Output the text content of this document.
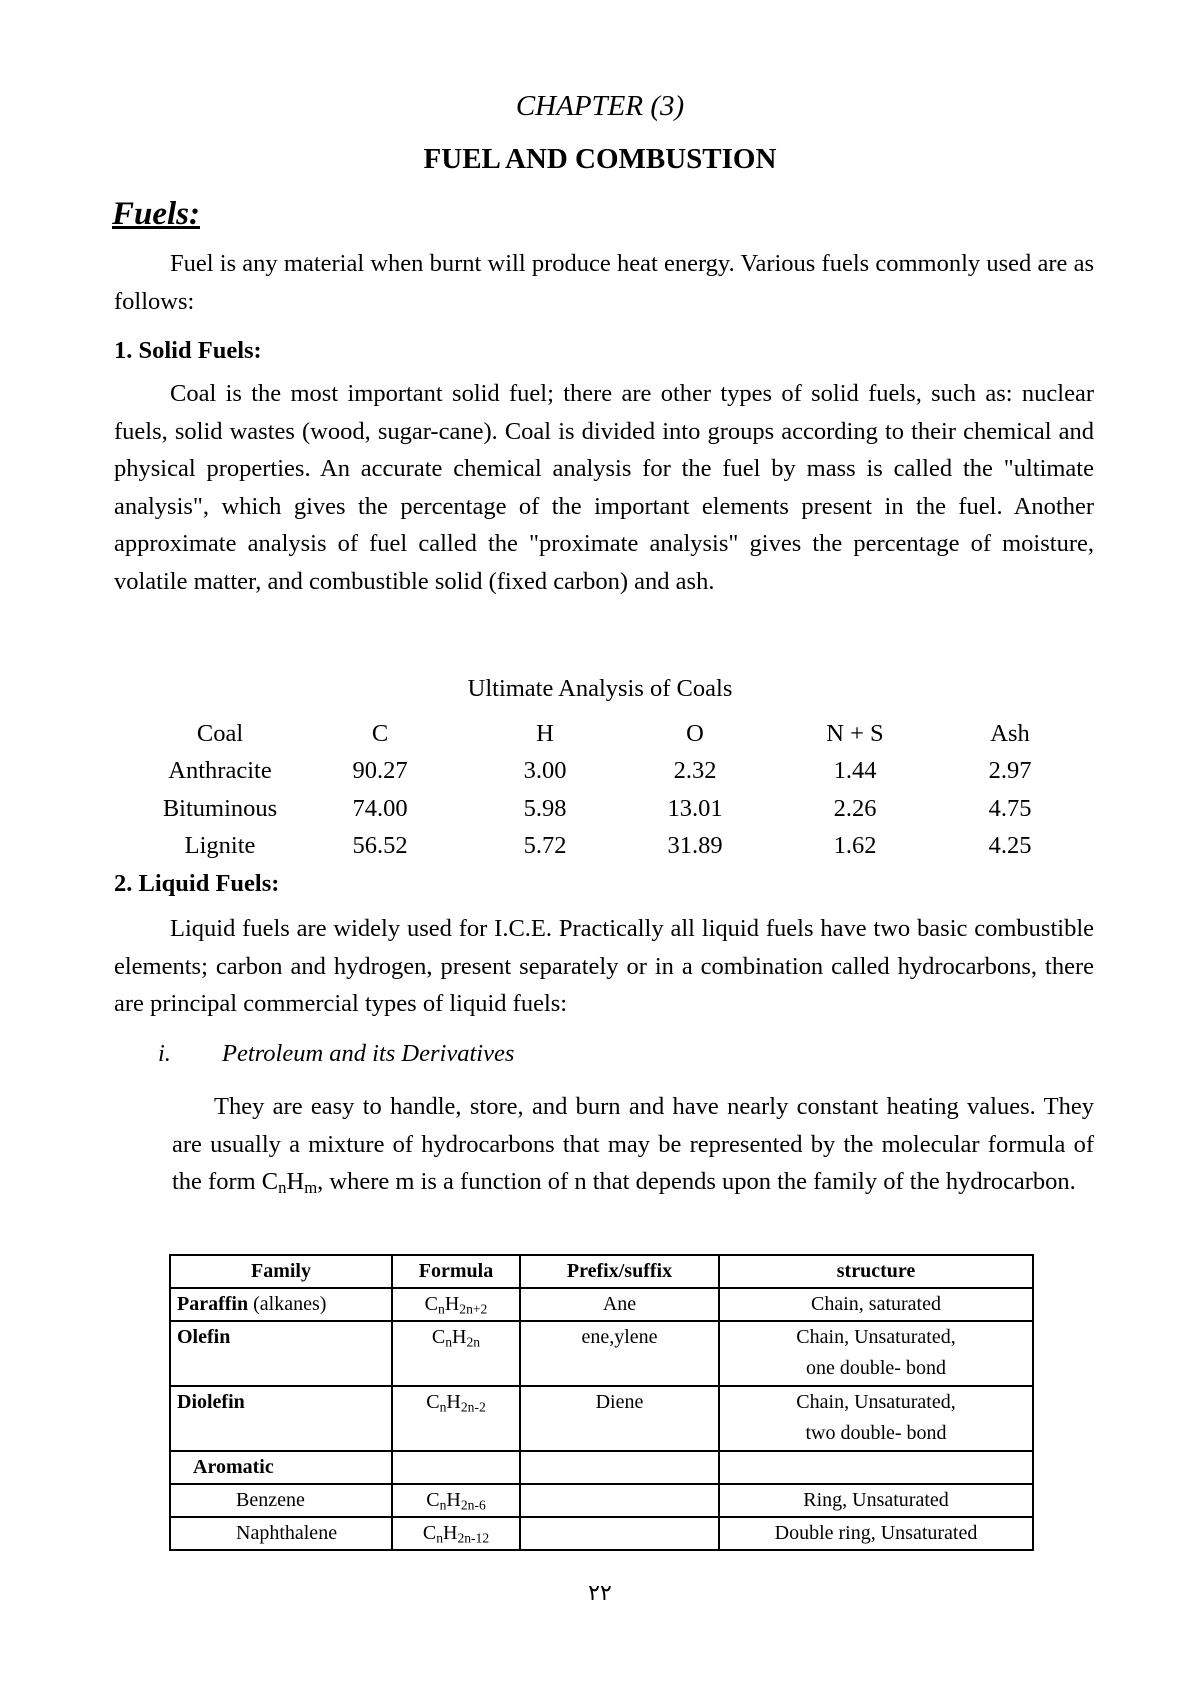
CHAPTER (3)
FUEL AND COMBUSTION
Fuels:

Fuel is any material when burnt will produce heat energy. Various fuels commonly used are as follows:

1. Solid Fuels:

Coal is the most important solid fuel; there are other types of solid fuels, such as: nuclear fuels, solid wastes (wood, sugar-cane). Coal is divided into groups according to their chemical and physical properties. An accurate chemical analysis for the fuel by mass is called the "ultimate analysis", which gives the percentage of the important elements present in the fuel. Another approximate analysis of fuel called the "proximate analysis" gives the percentage of moisture, volatile matter, and combustible solid (fixed carbon) and ash.

Ultimate Analysis of Coals
Coal	C	H	O	N + S	Ash
Anthracite	90.27	3.00	2.32	1.44	2.97
Bituminous	74.00	5.98	13.01	2.26	4.75
Lignite	56.52	5.72	31.89	1.62	4.25
2. Liquid Fuels:

Liquid fuels are widely used for I.C.E. Practically all liquid fuels have two basic combustible elements; carbon and hydrogen, present separately or in a combination called hydrocarbons, there are principal commercial types of liquid fuels:

i. Petroleum and its Derivatives

They are easy to handle, store, and burn and have nearly constant heating values. They are usually a mixture of hydrocarbons that may be represented by the molecular formula of the form $C_nH_m$, where m is a function of n that depends upon the family of the hydrocarbon.

Family	Formula	Prefix/suffix	structure
Paraffin (alkanes)	$C_nH_{2n+2}$	Ane	Chain, saturated
Olefin	$C_nH_{2n}$	ene,ylene	Chain, Unsaturated,
one double- bond

Diolefin	$C_nH_{2n-2}$	Diene	Chain, Unsaturated,
two double- bond

Aromatic			
Benzene	$C_nH_{2n-6}$		Ring, Unsaturated
Naphthalene	$C_nH_{2n-12}$		Double ring, Unsaturated
٢٢
